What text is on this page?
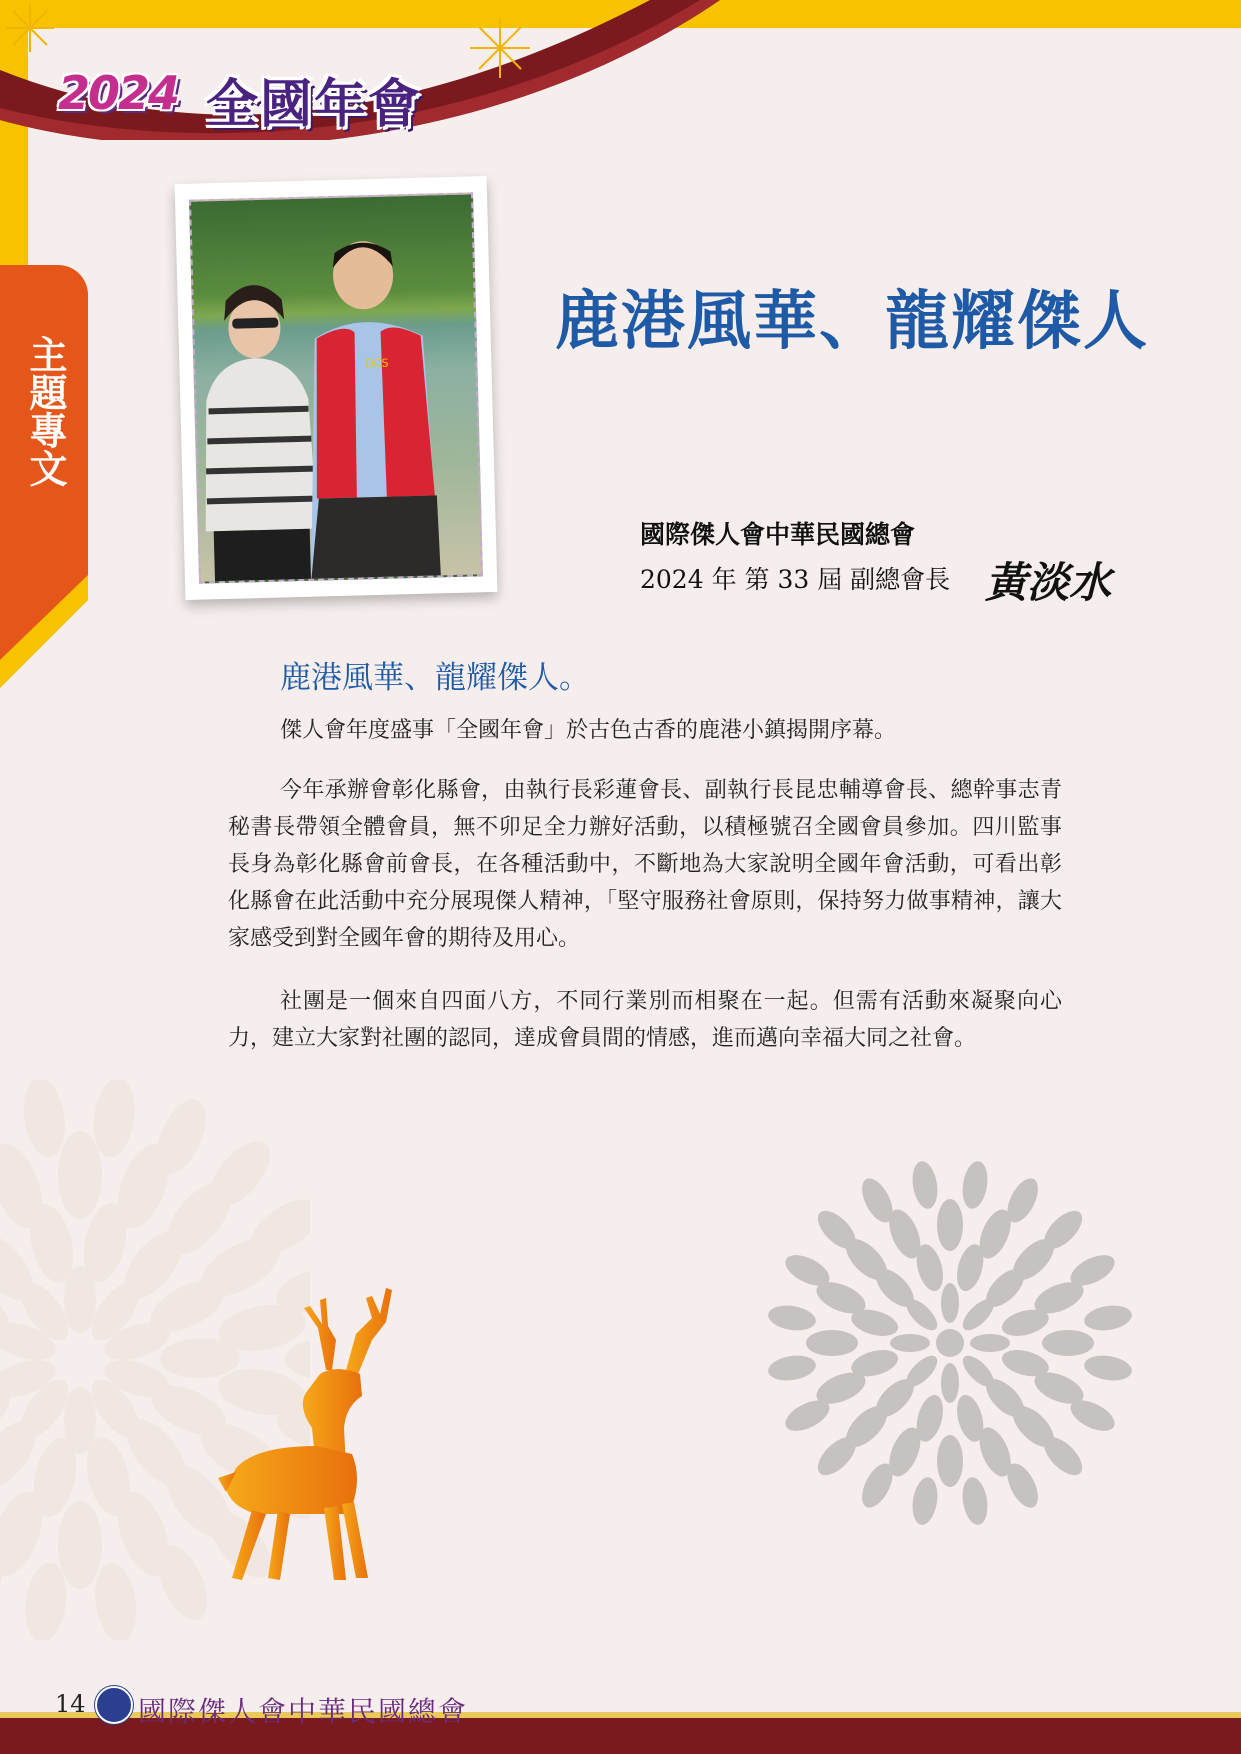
2024 全國年會
主題專文	DCS
鹿港風華、龍耀傑人
國際傑人會中華民國總會
2024 年 第 33 屆 副總會長 黃淡水
鹿港風華、龍耀傑人。

傑人會年度盛事「全國年會」於古色古香的鹿港小鎮揭開序幕。

今年承辦會彰化縣會，由執行長彩蓮會長、副執行長昆忠輔導會長、總幹事志青秘書長帶領全體會員，無不卯足全力辦好活動，以積極號召全國會員參加。四川監事長身為彰化縣會前會長，在各種活動中，不斷地為大家說明全國年會活動，可看出彰化縣會在此活動中充分展現傑人精神，「堅守服務社會原則，保持努力做事精神，讓大家感受到對全國年會的期待及用心。

社團是一個來自四面八方，不同行業別而相聚在一起。但需有活動來凝聚向心力，建立大家對社團的認同，達成會員間的情感，進而邁向幸福大同之社會。

14 國際傑人會中華民國總會
